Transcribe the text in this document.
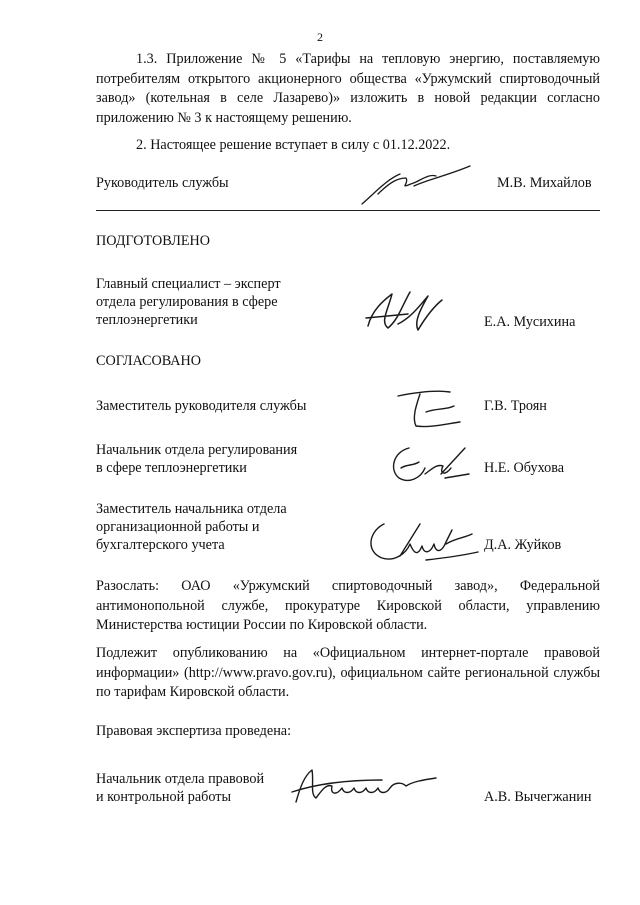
2
1.3. Приложение № 5 «Тарифы на тепловую энергию, поставляемую потребителям открытого акционерного общества «Уржумский спиртоводочный завод» (котельная в селе Лазарево)» изложить в новой редакции согласно приложению № 3 к настоящему решению.
2. Настоящее решение вступает в силу с 01.12.2022.
Руководитель службы	М.В. Михайлов
ПОДГОТОВЛЕНО
Главный специалист – эксперт
отдела регулирования в сфере
теплоэнергетики	Е.А. Мусихина
СОГЛАСОВАНО
Заместитель руководителя службы	Г.В. Троян
Начальник отдела регулирования
в сфере теплоэнергетики	Н.Е. Обухова
Заместитель начальника отдела
организационной работы и
бухгалтерского учета	Д.А. Жуйков
Разослать: ОАО «Уржумский спиртоводочный завод», Федеральной антимонопольной службе, прокуратуре Кировской области, управлению Министерства юстиции России по Кировской области.
Подлежит опубликованию на «Официальном интернет-портале правовой информации» (http://www.pravo.gov.ru), официальном сайте региональной службы по тарифам Кировской области.
Правовая экспертиза проведена:
Начальник отдела правовой
и контрольной работы	А.В. Вычегжанин
